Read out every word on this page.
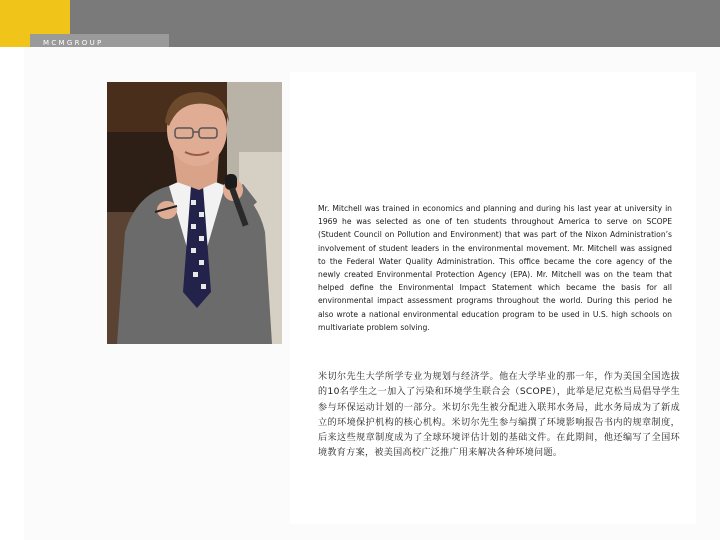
MCMGROUP

Mr. Mitchell was trained in economics and planning and during his last year at university in 1969 he was selected as one of ten students throughout America to serve on SCOPE (Student Council on Pollution and Environment) that was part of the Nixon Administration’s involvement of student leaders in the environmental movement. Mr. Mitchell was assigned to the Federal Water Quality Administration. This office became the core agency of the newly created Environmental Protection Agency (EPA). Mr. Mitchell was on the team that helped define the Environmental Impact Statement which became the basis for all environmental impact assessment programs throughout the world. During this period he also wrote a national environmental education program to be used in U.S. high schools on multivariate problem solving.

米切尔先生大学所学专业为规划与经济学。他在大学毕业的那一年，作为美国全国选拔的10名学生之一加入了污染和环境学生联合会（SCOPE），此举是尼克松当局倡导学生参与环保运动计划的一部分。米切尔先生被分配进入联邦水务局，此水务局成为了新成立的环境保护机构的核心机构。米切尔先生参与编撰了环境影响报告书内的规章制度，后来这些规章制度成为了全球环境评估计划的基础文件。在此期间，他还编写了全国环境教育方案，被美国高校广泛推广用来解决各种环境问题。
